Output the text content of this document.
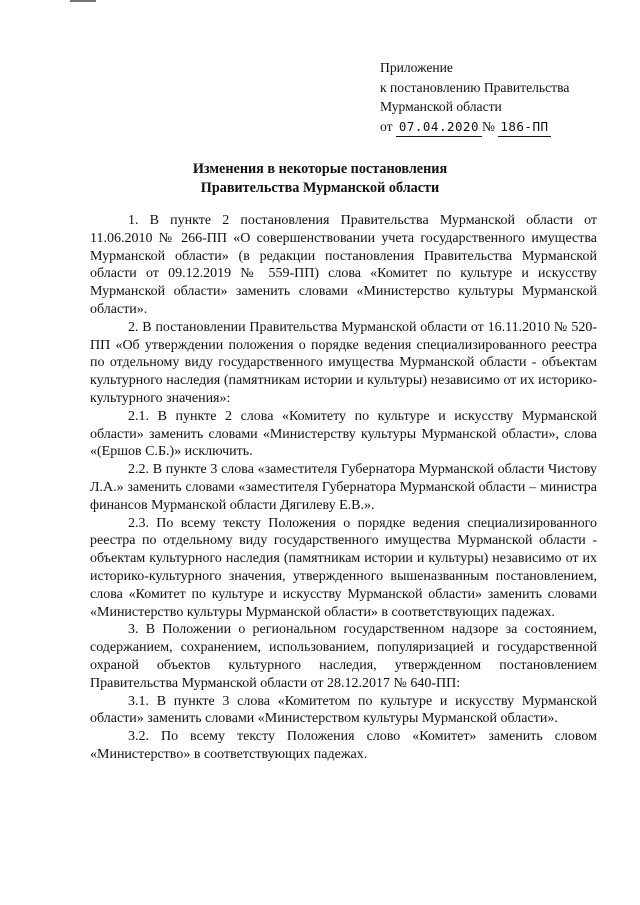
Приложение
к постановлению Правительства
Мурманской области
от 07.04.2020 № 186-ПП
Изменения в некоторые постановления
Правительства Мурманской области

1. В пункте 2 постановления Правительства Мурманской области от 11.06.2010 № 266-ПП «О совершенствовании учета государственного имущества Мурманской области» (в редакции постановления Правительства Мурманской области от 09.12.2019 № 559-ПП) слова «Комитет по культуре и искусству Мурманской области» заменить словами «Министерство культуры Мурманской области».

2. В постановлении Правительства Мурманской области от 16.11.2010 № 520-ПП «Об утверждении положения о порядке ведения специализированного реестра по отдельному виду государственного имущества Мурманской области - объектам культурного наследия (памятникам истории и культуры) независимо от их историко-культурного значения»:

2.1. В пункте 2 слова «Комитету по культуре и искусству Мурманской области» заменить словами «Министерству культуры Мурманской области», слова «(Ершов С.Б.)» исключить.

2.2. В пункте 3 слова «заместителя Губернатора Мурманской области Чистову Л.А.» заменить словами «заместителя Губернатора Мурманской области – министра финансов Мурманской области Дягилеву Е.В.».

2.3. По всему тексту Положения о порядке ведения специализированного реестра по отдельному виду государственного имущества Мурманской области - объектам культурного наследия (памятникам истории и культуры) независимо от их историко-культурного значения, утвержденного вышеназванным постановлением, слова «Комитет по культуре и искусству Мурманской области» заменить словами «Министерство культуры Мурманской области» в соответствующих падежах.

3. В Положении о региональном государственном надзоре за состоянием, содержанием, сохранением, использованием, популяризацией и государственной охраной объектов культурного наследия, утвержденном постановлением Правительства Мурманской области от 28.12.2017 № 640-ПП:

3.1. В пункте 3 слова «Комитетом по культуре и искусству Мурманской области» заменить словами «Министерством культуры Мурманской области».

3.2. По всему тексту Положения слово «Комитет» заменить словом «Министерство» в соответствующих падежах.
